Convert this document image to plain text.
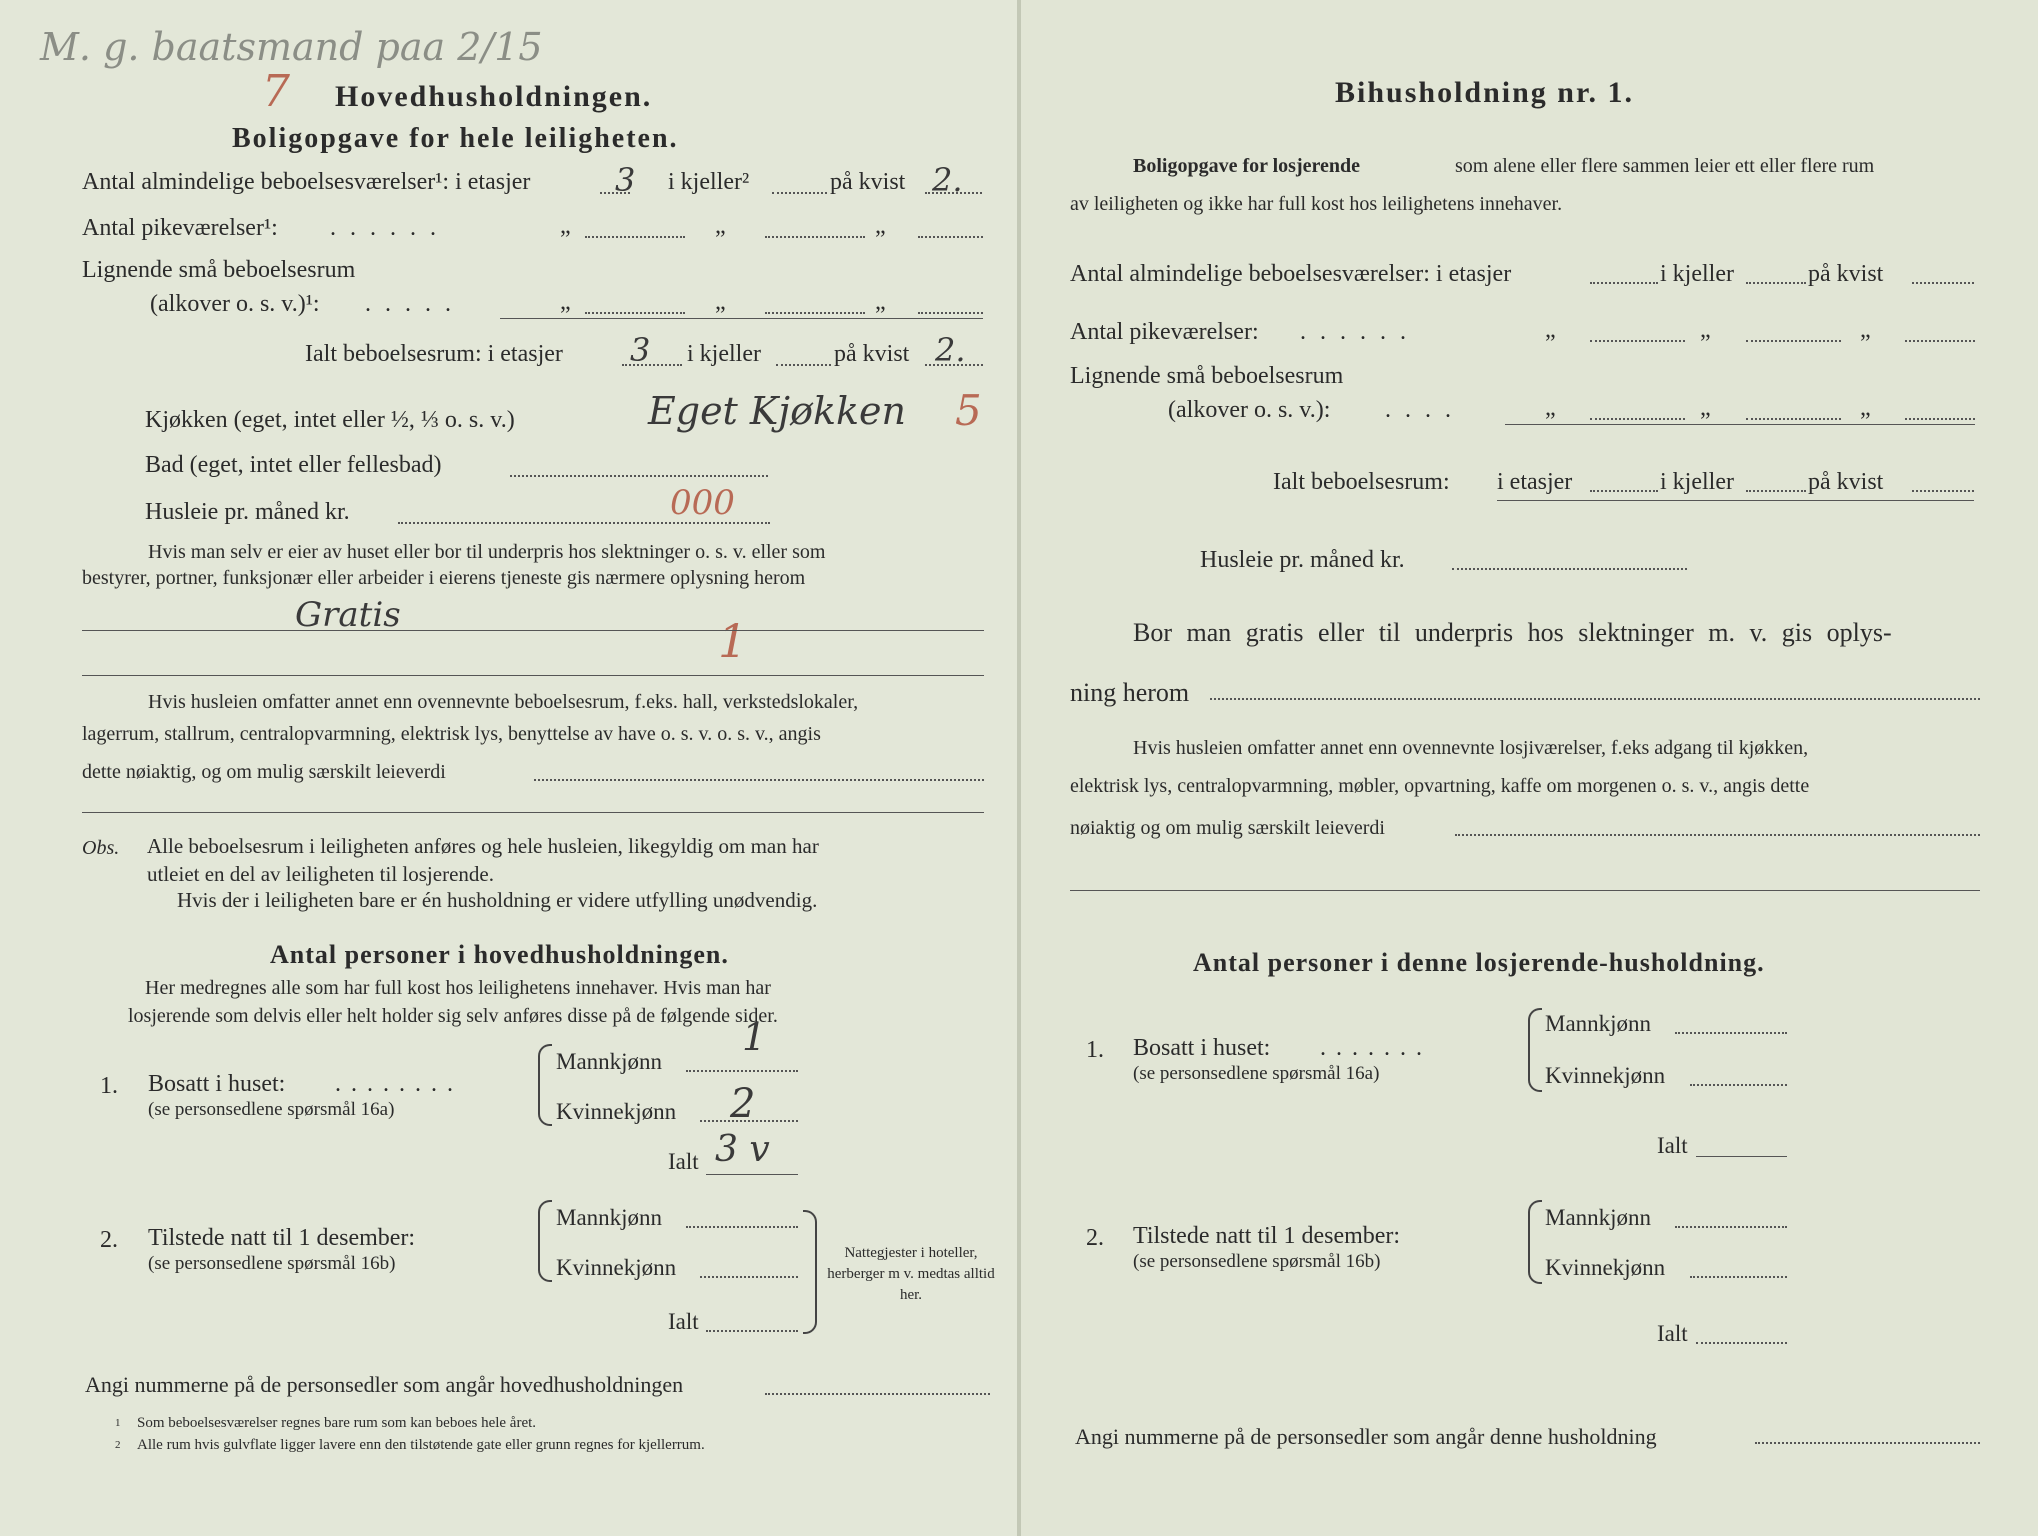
M. g. baatsmand paa 2/15
7 Hovedhusholdningen.
Boligopgave for hele leiligheten.
Antal almindelige beboelsesværelser¹: i etasjer	3 i kjeller²	på kvist 2.
Antal pikeværelser¹: ......	„	„	„
Lignende små beboelsesrum
(alkover o. s. v.)¹: .....	„	„	„
Ialt beboelsesrum: i etasjer 3 i kjeller	på kvist 2.
Kjøkken (eget, intet eller ½, ⅓ o. s. v.)	Eget Kjøkken 5
Bad (eget, intet eller fellesbad)
Husleie pr. måned kr.	000
Hvis man selv er eier av huset eller bor til underpris hos slektninger o. s. v. eller som
bestyrer, portner, funksjonær eller arbeider i eierens tjeneste gis nærmere oplysning herom
Gratis	1
Hvis husleien omfatter annet enn ovennevnte beboelsesrum, f.eks. hall, verkstedslokaler,
lagerrum, stallrum, centralopvarmning, elektrisk lys, benyttelse av have o. s. v. o. s. v., angis
dette nøiaktig, og om mulig særskilt leieverdi
Obs. Alle beboelsesrum i leiligheten anføres og hele husleien, likegyldig om man har
utleiet en del av leiligheten til losjerende.
Hvis der i leiligheten bare er én husholdning er videre utfylling unødvendig.
Antal personer i hovedhusholdningen.
Her medregnes alle som har full kost hos leilighetens innehaver. Hvis man har
losjerende som delvis eller helt holder sig selv anføres disse på de følgende sider.
1. Bosatt i huset: ........
(se personsedlene spørsmål 16a)
Mannkjønn
1
Kvinnekjønn 2
Ialt 3 v
2. Tilstede natt til 1 desember:
(se personsedlene spørsmål 16b)
Mannkjønn
Kvinnekjønn
Ialt
Nattegjester i hoteller, herberger m v. medtas alltid her.
Angi nummerne på de personsedler som angår hovedhusholdningen
1 Som beboelsesværelser regnes bare rum som kan beboes hele året.
2 Alle rum hvis gulvflate ligger lavere enn den tilstøtende gate eller grunn regnes for kjellerrum.
Bihusholdning nr. 1.
Boligopgave for losjerende	som alene eller flere sammen leier ett eller flere rum
av leiligheten og ikke har full kost hos leilighetens innehaver.
Antal almindelige beboelsesværelser: i etasjer	i kjeller	på kvist
Antal pikeværelser: ......	„	„	„
Lignende små beboelsesrum
(alkover o. s. v.): ....	„	„	„
Ialt beboelsesrum: i etasjer	i kjeller	på kvist
Husleie pr. måned kr.
Bor man gratis eller til underpris hos slektninger m. v. gis oplys-
ning herom
Hvis husleien omfatter annet enn ovennevnte losjiværelser, f.eks adgang til kjøkken,
elektrisk lys, centralopvarmning, møbler, opvartning, kaffe om morgenen o. s. v., angis dette
nøiaktig og om mulig særskilt leieverdi
Antal personer i denne losjerende-husholdning.
1. Bosatt i huset: .......
(se personsedlene spørsmål 16a)
Mannkjønn
Kvinnekjønn
Ialt
2. Tilstede natt til 1 desember:
(se personsedlene spørsmål 16b)
Mannkjønn
Kvinnekjønn
Ialt
Angi nummerne på de personsedler som angår denne husholdning
